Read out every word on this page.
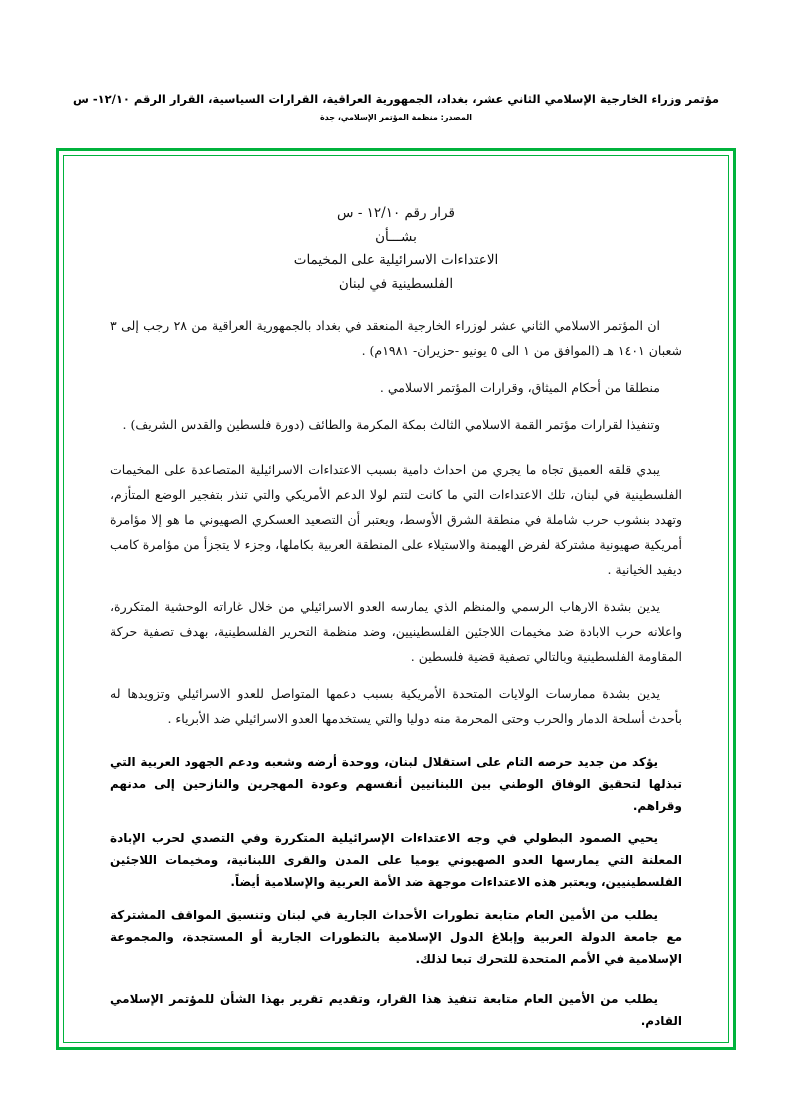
مؤتمر وزراء الخارجية الإسلامي الثاني عشر، بغداد، الجمهورية العراقية، القرارات السياسية، القرار الرقم ١٢/١٠- س
المصدر: منظمة المؤتمر الإسلامي، جدة
قرار رقم ١٢/١٠ - س
بشـــأن
الاعتداءات الاسرائيلية على المخيمات
الفلسطينية في لبنان

ان المؤتمر الاسلامي الثاني عشر لوزراء الخارجية المنعقد في بغداد بالجمهورية العراقية من ٢٨ رجب إلى ٣ شعبان ١٤٠١ هـ (الموافق من ١ الى ٥ يونيو -حزيران- ١٩٨١م) .

منطلقا من أحكام الميثاق، وقرارات المؤتمر الاسلامي .

وتنفيذا لقرارات مؤتمر القمة الاسلامي الثالث بمكة المكرمة والطائف (دورة فلسطين والقدس الشريف) .

يبدي قلقه العميق تجاه ما يجري من احداث دامية بسبب الاعتداءات الاسرائيلية المتصاعدة على المخيمات الفلسطينية في لبنان، تلك الاعتداءات التي ما كانت لتتم لولا الدعم الأمريكي والتي تنذر بتفجير الوضع المتأزم، وتهدد بنشوب حرب شاملة في منطقة الشرق الأوسط، ويعتبر أن التصعيد العسكري الصهيوني ما هو إلا مؤامرة أمريكية صهيونية مشتركة لفرض الهيمنة والاستيلاء على المنطقة العربية بكاملها، وجزء لا يتجزأ من مؤامرة كامب ديفيد الخيانية .

يدين بشدة الارهاب الرسمي والمنظم الذي يمارسه العدو الاسرائيلي من خلال غاراته الوحشية المتكررة، واعلانه حرب الابادة ضد مخيمات اللاجئين الفلسطينيين، وضد منظمة التحرير الفلسطينية، بهدف تصفية حركة المقاومة الفلسطينية وبالتالي تصفية قضية فلسطين .

يدين بشدة ممارسات الولايات المتحدة الأمريكية بسبب دعمها المتواصل للعدو الاسرائيلي وتزويدها له بأحدث أسلحة الدمار والحرب وحتى المحرمة منه دوليا والتي يستخدمها العدو الاسرائيلي ضد الأبرياء .

يؤكد من جديد حرصه التام على استقلال لبنان، ووحدة أرضه وشعبه ودعم الجهود العربية التي تبذلها لتحقيق الوفاق الوطني بين اللبنانيين أنفسهم وعودة المهجرين والنازحين إلى مدنهم وقراهم.

يحيي الصمود البطولي في وجه الاعتداءات الإسرائيلية المتكررة وفي التصدي لحرب الإبادة المعلنة التي يمارسها العدو الصهيوني يوميا على المدن والقرى اللبنانية، ومخيمات اللاجئين الفلسطينيين، ويعتبر هذه الاعتداءات موجهة ضد الأمة العربية والإسلامية أيضاً.

يطلب من الأمين العام متابعة تطورات الأحداث الجارية في لبنان وتنسيق المواقف المشتركة مع جامعة الدولة العربية وإبلاغ الدول الإسلامية بالتطورات الجارية أو المستجدة، والمجموعة الإسلامية في الأمم المتحدة للتحرك تبعا لذلك.

يطلب من الأمين العام متابعة تنفيذ هذا القرار، وتقديم تقرير بهذا الشأن للمؤتمر الإسلامي القادم.
